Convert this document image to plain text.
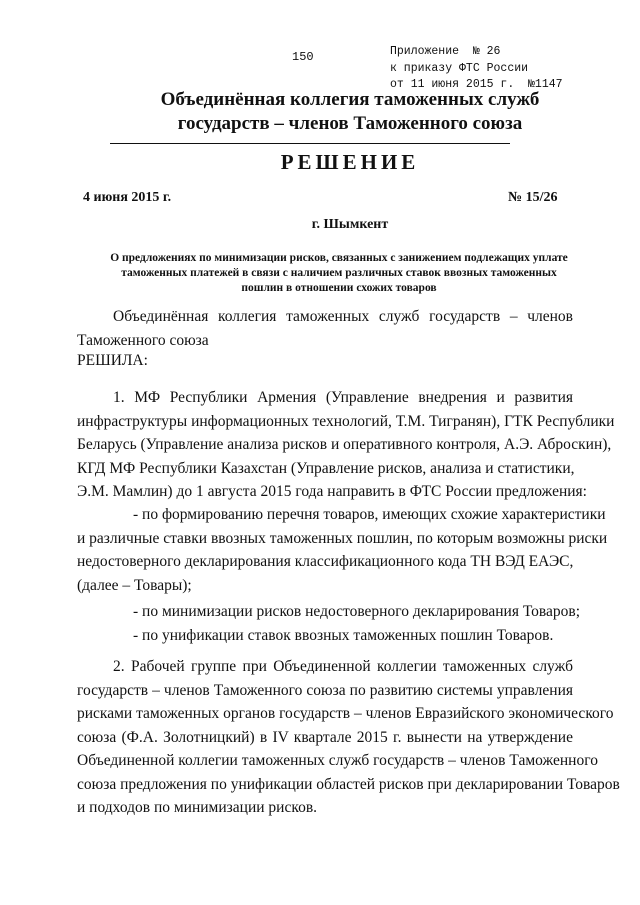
150	Приложение  № 26
к приказу ФТС России
от 11 июня 2015 г.  №1147
Объединённая коллегия таможенных служб
государств – членов Таможенного союза
РЕШЕНИЕ
4 июня 2015 г.	№ 15/26
г. Шымкент
О предложениях по минимизации рисков, связанных с занижением подлежащих уплате
таможенных платежей в связи с наличием различных ставок ввозных таможенных
пошлин в отношении схожих товаров
Объединённая коллегия таможенных служб государств – членов
Таможенного союза
РЕШИЛА:
1. МФ Республики Армения (Управление внедрения и развития
инфраструктуры информационных технологий, Т.М. Тигранян), ГТК Республики
Беларусь (Управление анализа рисков и оперативного контроля, А.Э. Аброскин),
КГД МФ Республики Казахстан (Управление рисков, анализа и статистики,
Э.М. Мамлин) до 1 августа 2015 года направить в ФТС России предложения:
- по формированию перечня товаров, имеющих схожие характеристики
и различные ставки ввозных таможенных пошлин, по которым возможны риски
недостоверного декларирования классификационного кода ТН ВЭД ЕАЭС,
(далее – Товары);
- по минимизации рисков недостоверного декларирования Товаров;
- по унификации ставок ввозных таможенных пошлин Товаров.
2. Рабочей группе при Объединенной коллегии таможенных служб
государств – членов Таможенного союза по развитию системы управления
рисками таможенных органов государств – членов Евразийского экономического
союза (Ф.А. Золотницкий) в IV квартале 2015 г. вынести на утверждение
Объединенной коллегии таможенных служб государств – членов Таможенного
союза предложения по унификации областей рисков при декларировании Товаров
и подходов по минимизации рисков.
